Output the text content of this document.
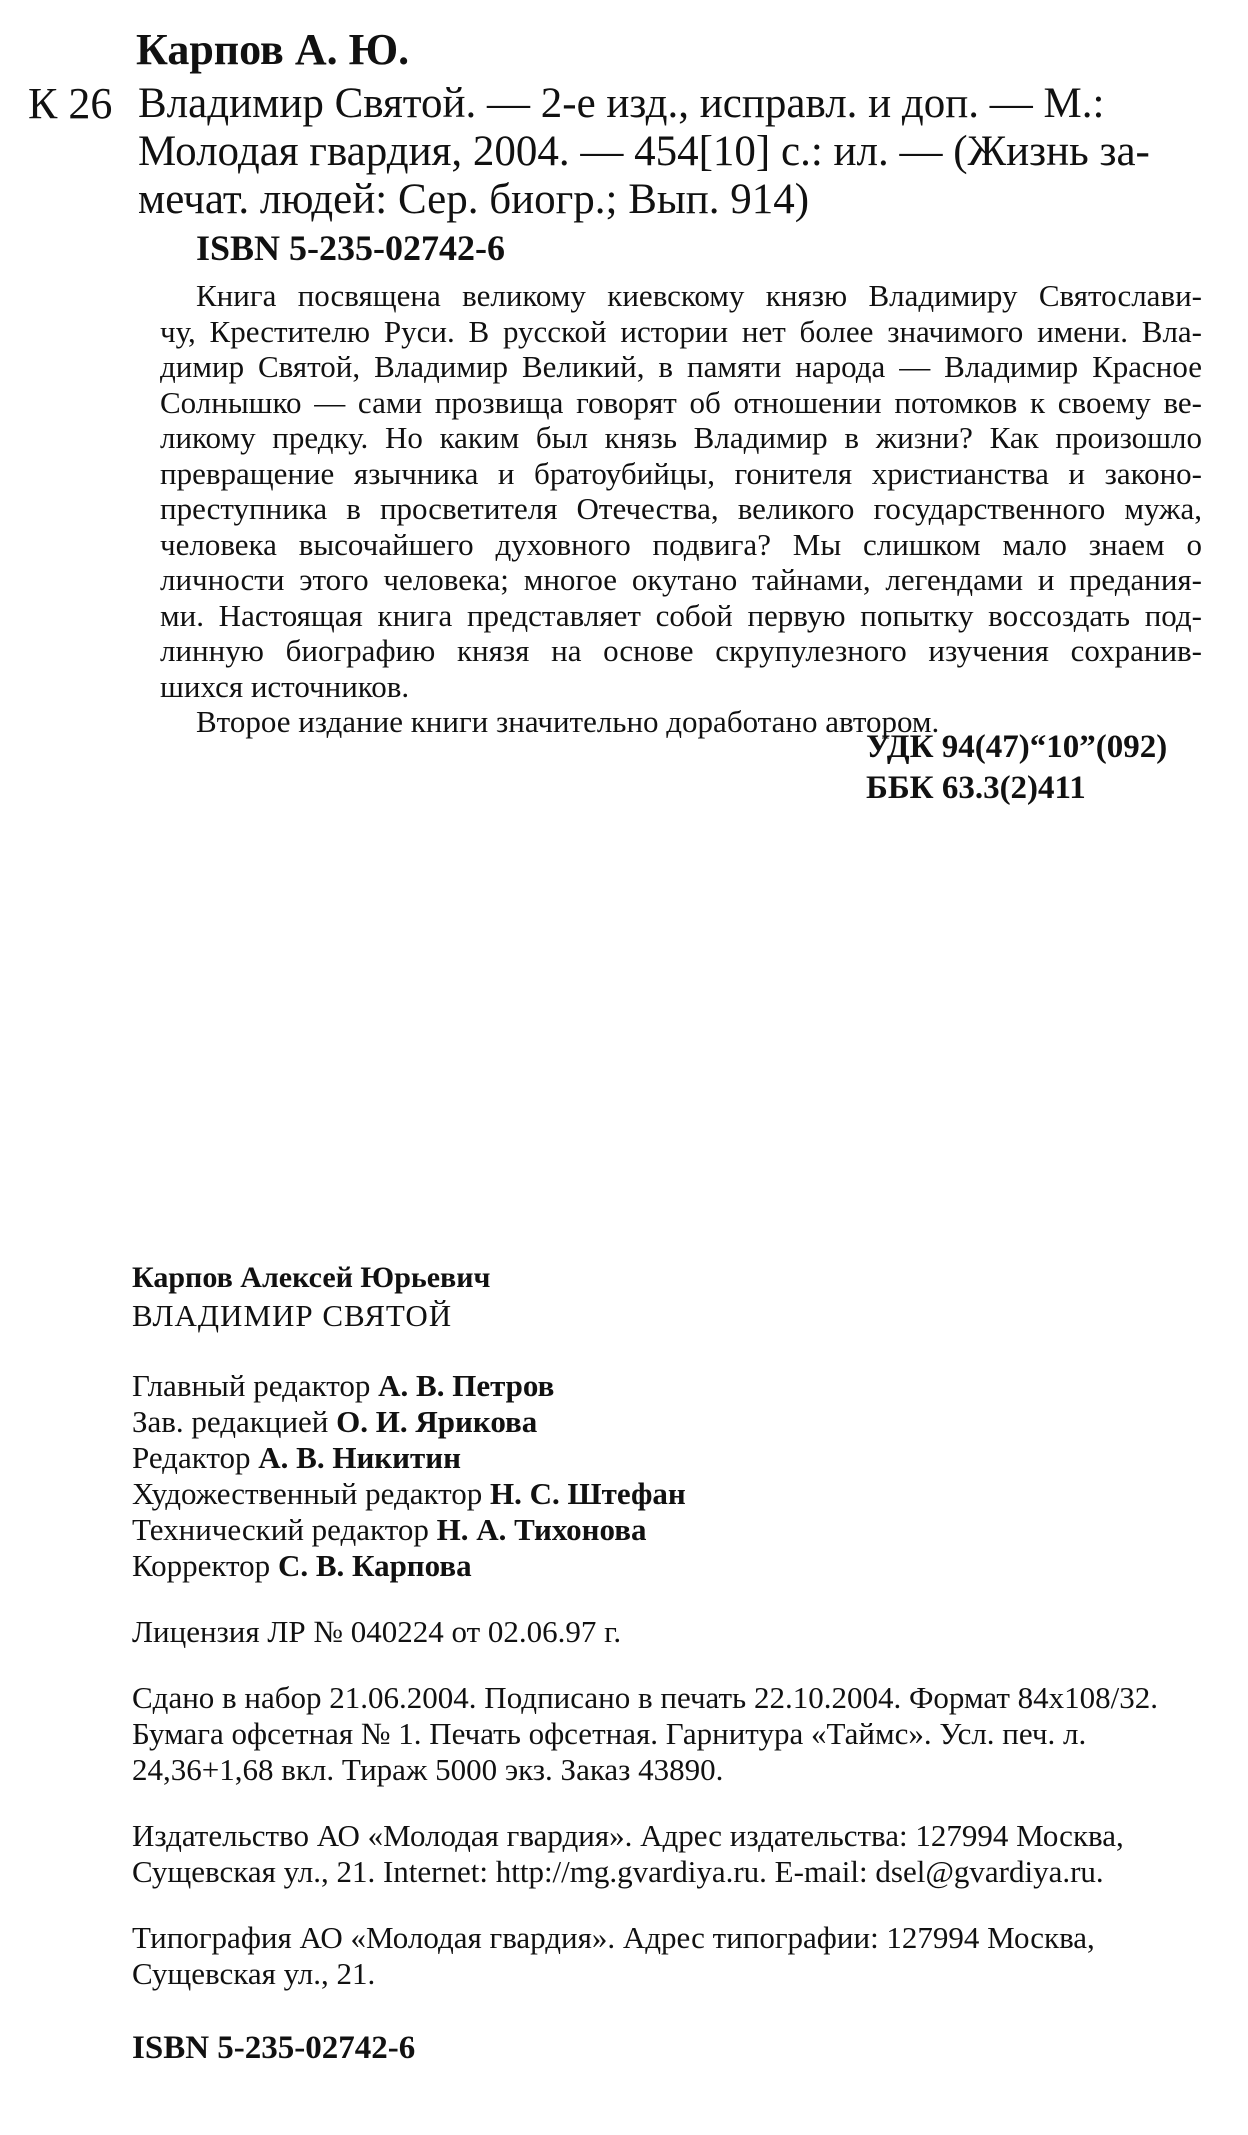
Карпов А. Ю.
К 26 Владимир Святой. — 2-е изд., исправл. и доп. — М.:
Молодая гвардия, 2004. — 454[10] с.: ил. — (Жизнь за-
мечат. людей: Сер. биогр.; Вып. 914)
ISBN 5-235-02742-6
Книга посвящена великому киевскому князю Владимиру Святослави-
чу, Крестителю Руси. В русской истории нет более значимого имени. Вла-
димир Святой, Владимир Великий, в памяти народа — Владимир Красное
Солнышко — сами прозвища говорят об отношении потомков к своему ве-
ликому предку. Но каким был князь Владимир в жизни? Как произошло
превращение язычника и братоубийцы, гонителя христианства и законо-
преступника в просветителя Отечества, великого государственного мужа,
человека высочайшего духовного подвига? Мы слишком мало знаем о
личности этого человека; многое окутано тайнами, легендами и предания-
ми. Настоящая книга представляет собой первую попытку воссоздать под-
линную биографию князя на основе скрупулезного изучения сохранив-
шихся источников.
Второе издание книги значительно доработано автором.
УДК 94(47)“10”(092)
ББК 63.3(2)411
Карпов Алексей Юрьевич
ВЛАДИМИР СВЯТОЙ
Главный редактор А. В. Петров
Зав. редакцией О. И. Ярикова
Редактор А. В. Никитин
Художественный редактор Н. С. Штефан
Технический редактор Н. А. Тихонова
Корректор С. В. Карпова
Лицензия ЛР № 040224 от 02.06.97 г.
Сдано в набор 21.06.2004. Подписано в печать 22.10.2004. Формат 84х108/32.
Бумага офсетная № 1. Печать офсетная. Гарнитура «Таймс». Усл. печ. л.
24,36+1,68 вкл. Тираж 5000 экз. Заказ 43890.
Издательство АО «Молодая гвардия». Адрес издательства: 127994 Москва,
Сущевская ул., 21. Internet: http://mg.gvardiya.ru. E-mail: dsel@gvardiya.ru.
Типография АО «Молодая гвардия». Адрес типографии: 127994 Москва,
Сущевская ул., 21.
ISBN 5-235-02742-6
